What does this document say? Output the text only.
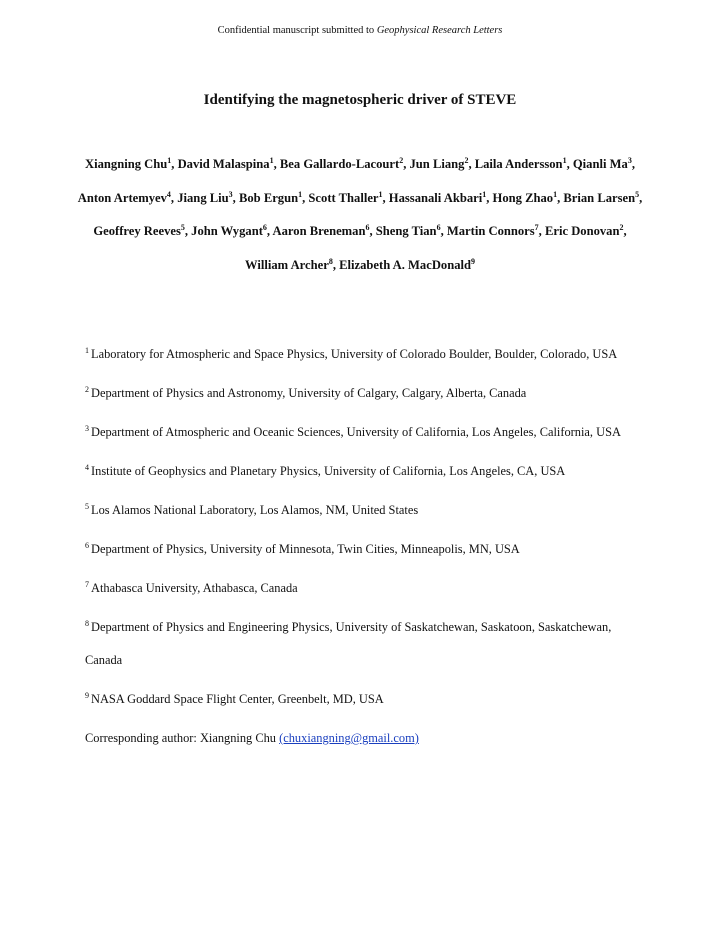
Confidential manuscript submitted to Geophysical Research Letters
Identifying the magnetospheric driver of STEVE
Xiangning Chu$^1$, David Malaspina$^1$, Bea Gallardo-Lacourt$^2$, Jun Liang$^2$, Laila Andersson$^1$, Qianli Ma$^3$, Anton Artemyev$^4$, Jiang Liu$^3$, Bob Ergun$^1$, Scott Thaller$^1$, Hassanali Akbari$^1$, Hong Zhao$^1$, Brian Larsen$^5$, Geoffrey Reeves$^5$, John Wygant$^6$, Aaron Breneman$^6$, Sheng Tian$^6$, Martin Connors$^7$, Eric Donovan$^2$, William Archer$^8$, Elizabeth A. MacDonald$^9$

$^1$ Laboratory for Atmospheric and Space Physics, University of Colorado Boulder, Boulder, Colorado, USA

$^2$ Department of Physics and Astronomy, University of Calgary, Calgary, Alberta, Canada

$^3$ Department of Atmospheric and Oceanic Sciences, University of California, Los Angeles, California, USA

$^4$ Institute of Geophysics and Planetary Physics, University of California, Los Angeles, CA, USA

$^5$ Los Alamos National Laboratory, Los Alamos, NM, United States

$^6$ Department of Physics, University of Minnesota, Twin Cities, Minneapolis, MN, USA

$^7$ Athabasca University, Athabasca, Canada

$^8$ Department of Physics and Engineering Physics, University of Saskatchewan, Saskatoon, Saskatchewan, Canada

$^9$ NASA Goddard Space Flight Center, Greenbelt, MD, USA

Corresponding author: Xiangning Chu (chuxiangning@gmail.com)
